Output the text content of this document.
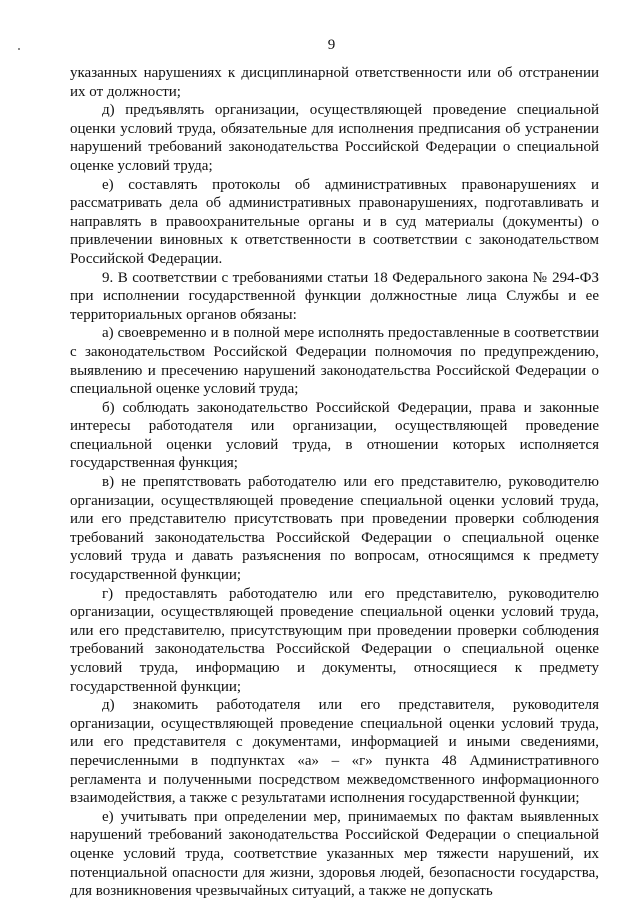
9

указанных нарушениях к дисциплинарной ответственности или об отстранении их от должности;

д) предъявлять организации, осуществляющей проведение специальной оценки условий труда, обязательные для исполнения предписания об устранении нарушений требований законодательства Российской Федерации о специальной оценке условий труда;

е) составлять протоколы об административных правонарушениях и рассматривать дела об административных правонарушениях, подготавливать и направлять в правоохранительные органы и в суд материалы (документы) о привлечении виновных к ответственности в соответствии с законодательством Российской Федерации.

9. В соответствии с требованиями статьи 18 Федерального закона № 294-ФЗ при исполнении государственной функции должностные лица Службы и ее территориальных органов обязаны:

а) своевременно и в полной мере исполнять предоставленные в соответствии с законодательством Российской Федерации полномочия по предупреждению, выявлению и пресечению нарушений законодательства Российской Федерации о специальной оценке условий труда;

б) соблюдать законодательство Российской Федерации, права и законные интересы работодателя или организации, осуществляющей проведение специальной оценки условий труда, в отношении которых исполняется государственная функция;

в) не препятствовать работодателю или его представителю, руководителю организации, осуществляющей проведение специальной оценки условий труда, или его представителю присутствовать при проведении проверки соблюдения требований законодательства Российской Федерации о специальной оценке условий труда и давать разъяснения по вопросам, относящимся к предмету государственной функции;

г) предоставлять работодателю или его представителю, руководителю организации, осуществляющей проведение специальной оценки условий труда, или его представителю, присутствующим при проведении проверки соблюдения требований законодательства Российской Федерации о специальной оценке условий труда, информацию и документы, относящиеся к предмету государственной функции;

д) знакомить работодателя или его представителя, руководителя организации, осуществляющей проведение специальной оценки условий труда, или его представителя с документами, информацией и иными сведениями, перечисленными в подпунктах «а» – «г» пункта 48 Административного регламента и полученными посредством межведомственного информационного взаимодействия, а также с результатами исполнения государственной функции;

е) учитывать при определении мер, принимаемых по фактам выявленных нарушений требований законодательства Российской Федерации о специальной оценке условий труда, соответствие указанных мер тяжести нарушений, их потенциальной опасности для жизни, здоровья людей, безопасности государства, для возникновения чрезвычайных ситуаций, а также не допускать
